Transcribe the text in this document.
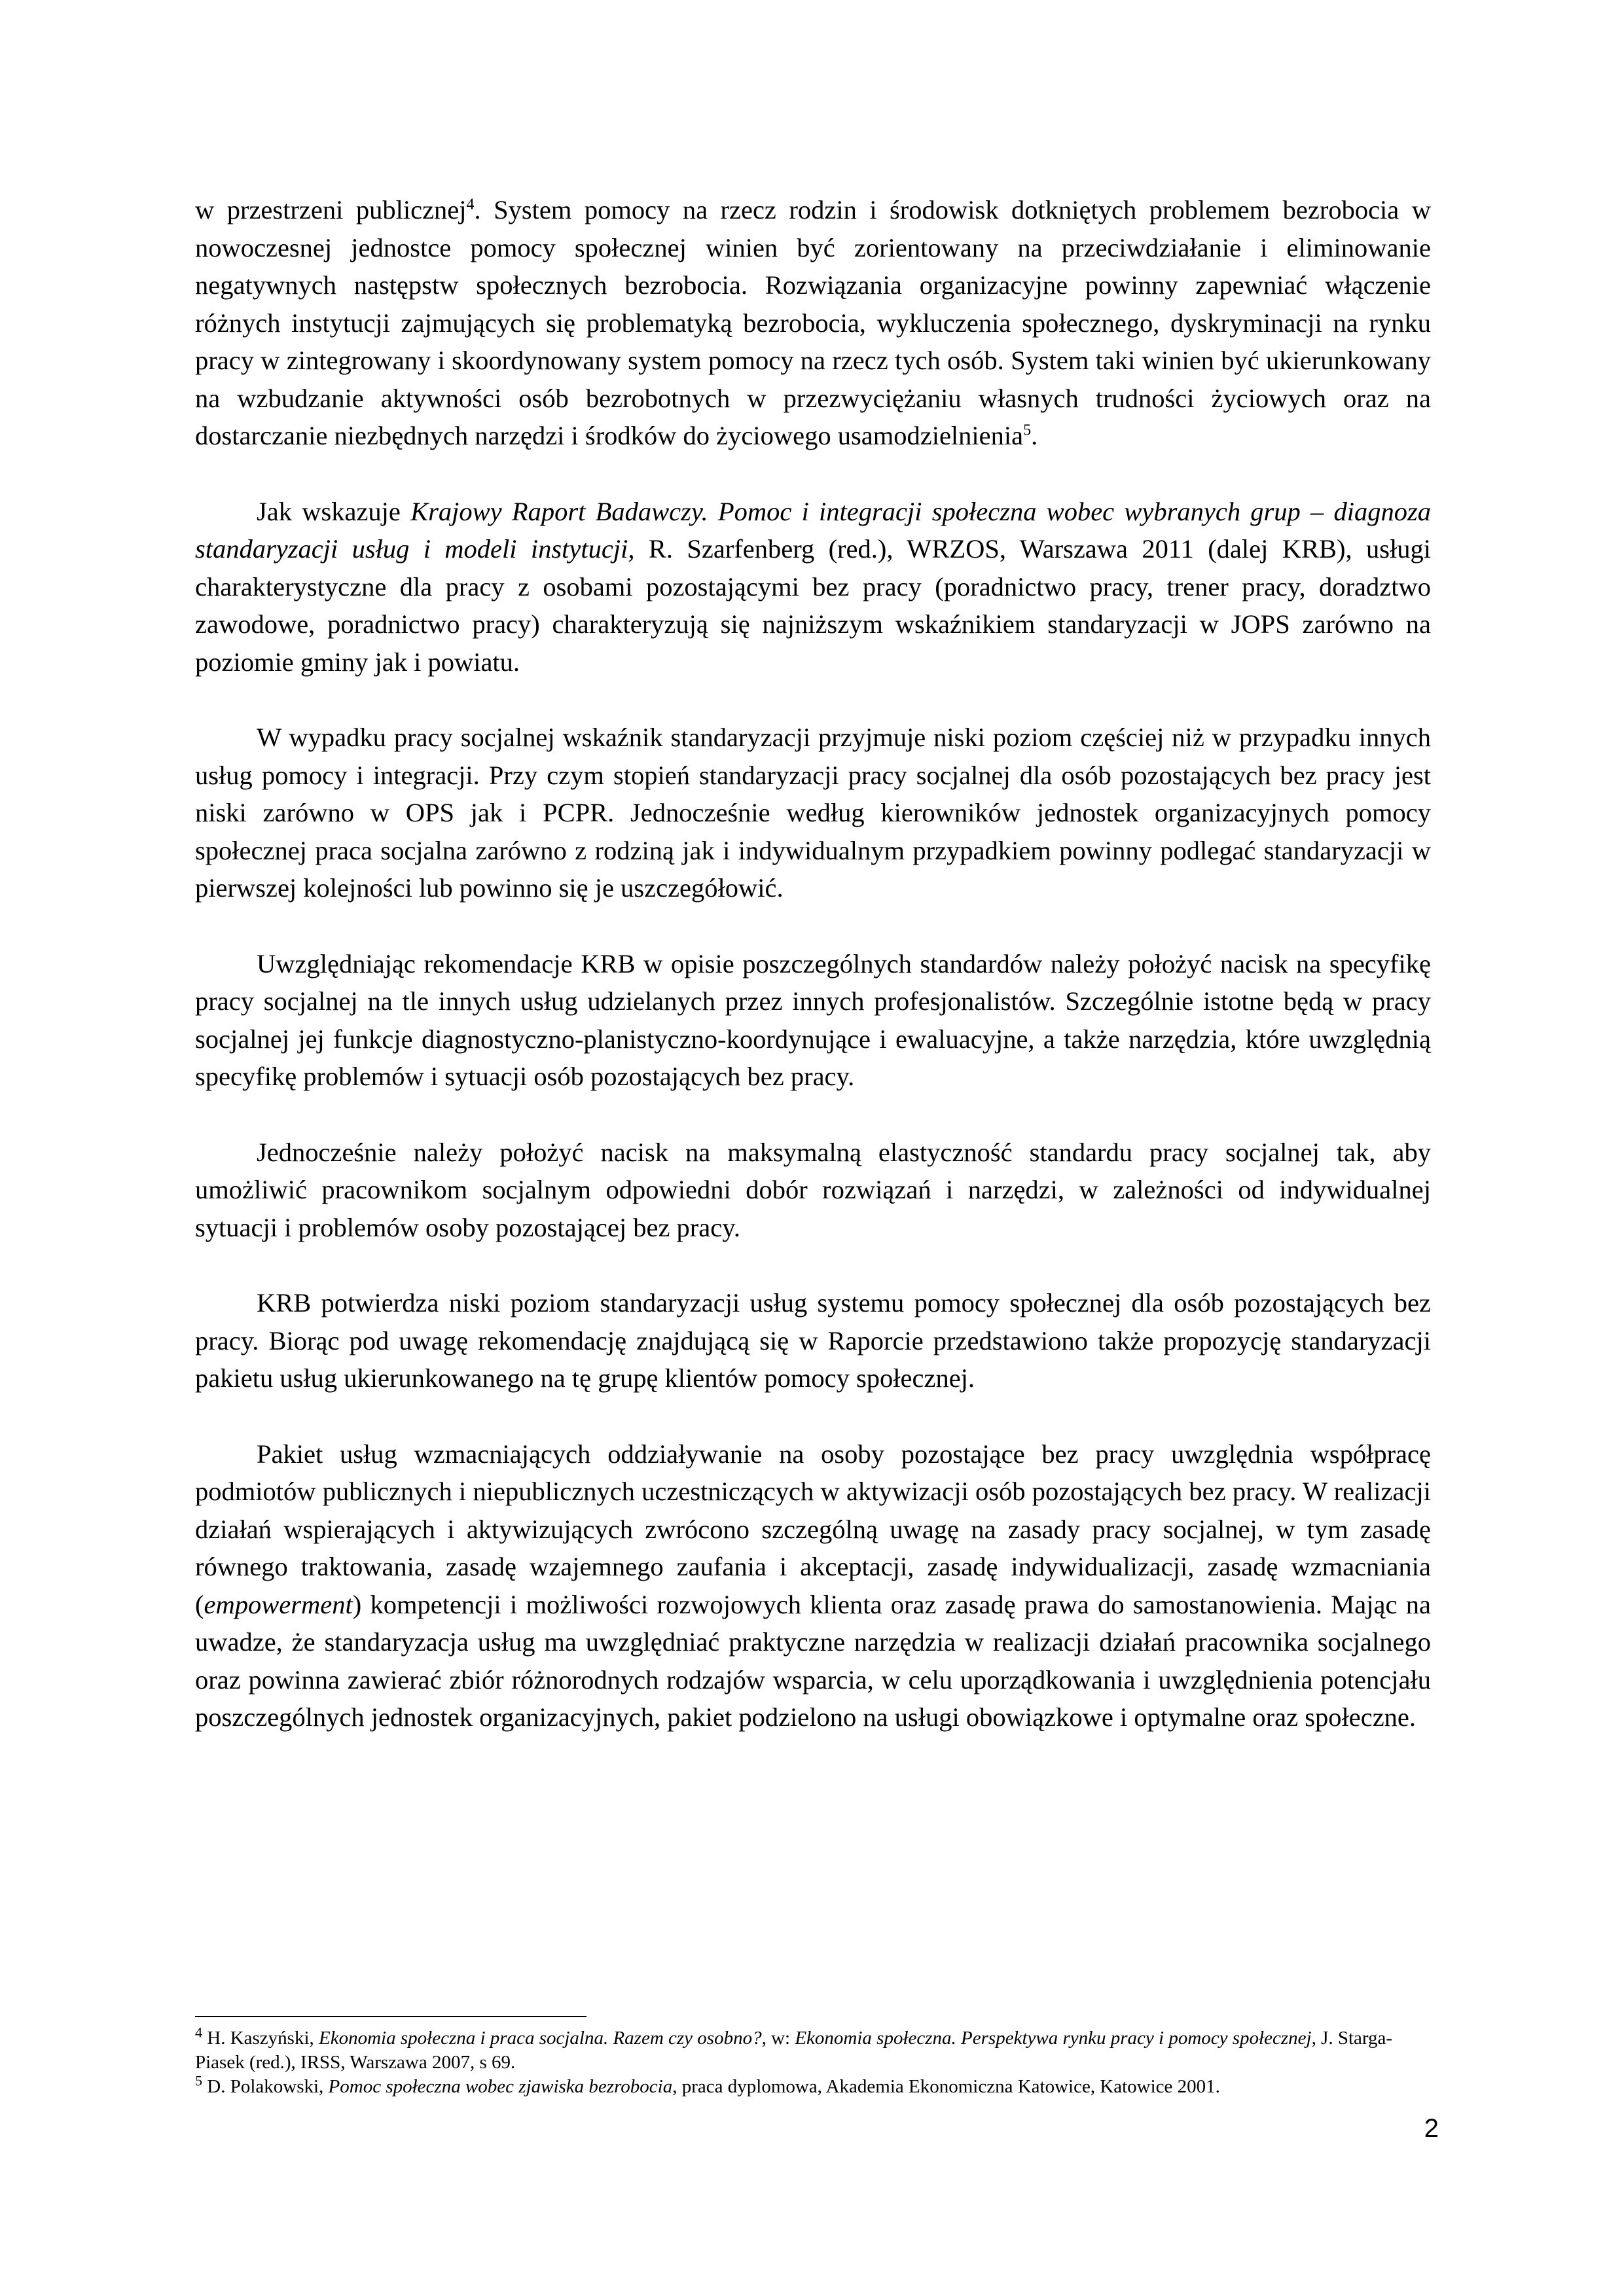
w przestrzeni publicznej$^4$. System pomocy na rzecz rodzin i środowisk dotkniętych problemem bezrobocia w nowoczesnej jednostce pomocy społecznej winien być zorientowany na przeciwdziałanie i eliminowanie negatywnych następstw społecznych bezrobocia. Rozwiązania organizacyjne powinny zapewniać włączenie różnych instytucji zajmujących się problematyką bezrobocia, wykluczenia społecznego, dyskryminacji na rynku pracy w zintegrowany i skoordynowany system pomocy na rzecz tych osób. System taki winien być ukierunkowany na wzbudzanie aktywności osób bezrobotnych w przezwyciężaniu własnych trudności życiowych oraz na dostarczanie niezbędnych narzędzi i środków do życiowego usamodzielnienia$^5$.

Jak wskazuje Krajowy Raport Badawczy. Pomoc i integracji społeczna wobec wybranych grup – diagnoza standaryzacji usług i modeli instytucji, R. Szarfenberg (red.), WRZOS, Warszawa 2011 (dalej KRB), usługi charakterystyczne dla pracy z osobami pozostającymi bez pracy (poradnictwo pracy, trener pracy, doradztwo zawodowe, poradnictwo pracy) charakteryzują się najniższym wskaźnikiem standaryzacji w JOPS zarówno na poziomie gminy jak i powiatu.

W wypadku pracy socjalnej wskaźnik standaryzacji przyjmuje niski poziom częściej niż w przypadku innych usług pomocy i integracji. Przy czym stopień standaryzacji pracy socjalnej dla osób pozostających bez pracy jest niski zarówno w OPS jak i PCPR. Jednocześnie według kierowników jednostek organizacyjnych pomocy społecznej praca socjalna zarówno z rodziną jak i indywidualnym przypadkiem powinny podlegać standaryzacji w pierwszej kolejności lub powinno się je uszczegółowić.

Uwzględniając rekomendacje KRB w opisie poszczególnych standardów należy położyć nacisk na specyfikę pracy socjalnej na tle innych usług udzielanych przez innych profesjonalistów. Szczególnie istotne będą w pracy socjalnej jej funkcje diagnostyczno-planistyczno-koordynujące i ewaluacyjne, a także narzędzia, które uwzględnią specyfikę problemów i sytuacji osób pozostających bez pracy.

Jednocześnie należy położyć nacisk na maksymalną elastyczność standardu pracy socjalnej tak, aby umożliwić pracownikom socjalnym odpowiedni dobór rozwiązań i narzędzi, w zależności od indywidualnej sytuacji i problemów osoby pozostającej bez pracy.

KRB potwierdza niski poziom standaryzacji usług systemu pomocy społecznej dla osób pozostających bez pracy. Biorąc pod uwagę rekomendację znajdującą się w Raporcie przedstawiono także propozycję standaryzacji pakietu usług ukierunkowanego na tę grupę klientów pomocy społecznej.

Pakiet usług wzmacniających oddziaływanie na osoby pozostające bez pracy uwzględnia współpracę podmiotów publicznych i niepublicznych uczestniczących w aktywizacji osób pozostających bez pracy. W realizacji działań wspierających i aktywizujących zwrócono szczególną uwagę na zasady pracy socjalnej, w tym zasadę równego traktowania, zasadę wzajemnego zaufania i akceptacji, zasadę indywidualizacji, zasadę wzmacniania (empowerment) kompetencji i możliwości rozwojowych klienta oraz zasadę prawa do samostanowienia. Mając na uwadze, że standaryzacja usług ma uwzględniać praktyczne narzędzia w realizacji działań pracownika socjalnego oraz powinna zawierać zbiór różnorodnych rodzajów wsparcia, w celu uporządkowania i uwzględnienia potencjału poszczególnych jednostek organizacyjnych, pakiet podzielono na usługi obowiązkowe i optymalne oraz społeczne.

$^4$ H. Kaszyński, Ekonomia społeczna i praca socjalna. Razem czy osobno?, w: Ekonomia społeczna. Perspektywa rynku pracy i pomocy społecznej, J. Starga-Piasek (red.), IRSS, Warszawa 2007, s 69.

$^5$ D. Polakowski, Pomoc społeczna wobec zjawiska bezrobocia, praca dyplomowa, Akademia Ekonomiczna Katowice, Katowice 2001.

2
